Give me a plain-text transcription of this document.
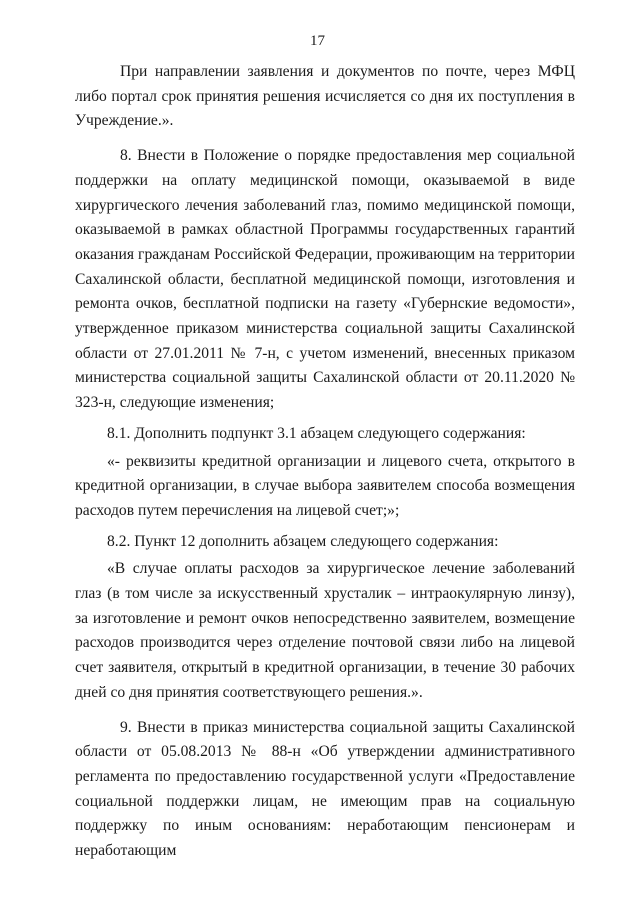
17

При направлении заявления и документов по почте, через МФЦ либо портал срок принятия решения исчисляется со дня их поступления в Учреждение.».

8. Внести в Положение о порядке предоставления мер социальной поддержки на оплату медицинской помощи, оказываемой в виде хирургического лечения заболеваний глаз, помимо медицинской помощи, оказываемой в рамках областной Программы государственных гарантий оказания гражданам Российской Федерации, проживающим на территории Сахалинской области, бесплатной медицинской помощи, изготовления и ремонта очков, бесплатной подписки на газету «Губернские ведомости», утвержденное приказом министерства социальной защиты Сахалинской области от 27.01.2011 № 7-н, с учетом изменений, внесенных приказом министерства социальной защиты Сахалинской области от 20.11.2020 № 323-н, следующие изменения;

8.1. Дополнить подпункт 3.1 абзацем следующего содержания:

«- реквизиты кредитной организации и лицевого счета, открытого в кредитной организации, в случае выбора заявителем способа возмещения расходов путем перечисления на лицевой счет;»;

8.2. Пункт 12 дополнить абзацем следующего содержания:

«В случае оплаты расходов за хирургическое лечение заболеваний глаз (в том числе за искусственный хрусталик – интраокулярную линзу), за изготовление и ремонт очков непосредственно заявителем, возмещение расходов производится через отделение почтовой связи либо на лицевой счет заявителя, открытый в кредитной организации, в течение 30 рабочих дней со дня принятия соответствующего решения.».

9. Внести в приказ министерства социальной защиты Сахалинской области от 05.08.2013 № 88-н «Об утверждении административного регламента по предоставлению государственной услуги «Предоставление социальной поддержки лицам, не имеющим прав на социальную поддержку по иным основаниям: неработающим пенсионерам и неработающим
